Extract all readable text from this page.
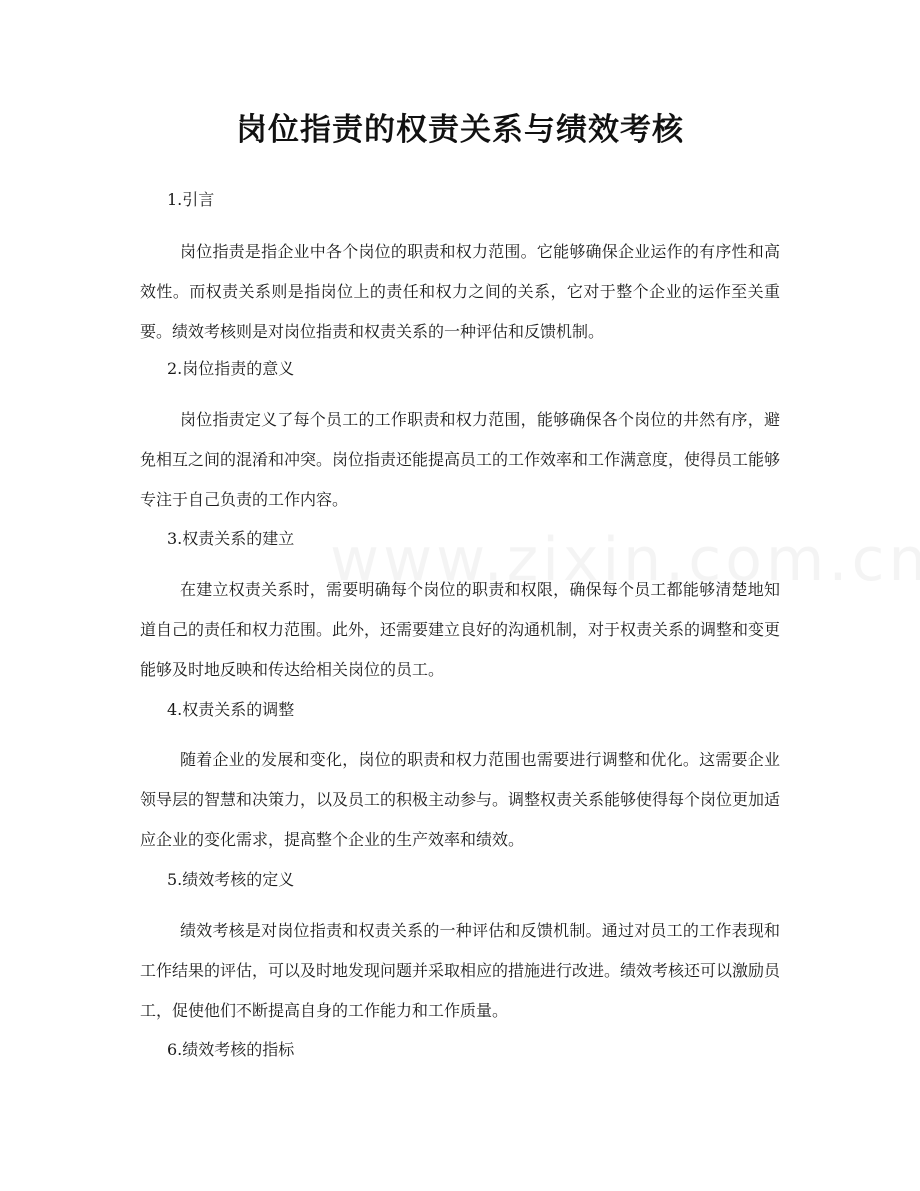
岗位指责的权责关系与绩效考核
1.引言
岗位指责是指企业中各个岗位的职责和权力范围。它能够确保企业运作的有序性和高效性。而权责关系则是指岗位上的责任和权力之间的关系，它对于整个企业的运作至关重要。绩效考核则是对岗位指责和权责关系的一种评估和反馈机制。
2.岗位指责的意义
岗位指责定义了每个员工的工作职责和权力范围，能够确保各个岗位的井然有序，避免相互之间的混淆和冲突。岗位指责还能提高员工的工作效率和工作满意度，使得员工能够专注于自己负责的工作内容。
3.权责关系的建立
在建立权责关系时，需要明确每个岗位的职责和权限，确保每个员工都能够清楚地知道自己的责任和权力范围。此外，还需要建立良好的沟通机制，对于权责关系的调整和变更能够及时地反映和传达给相关岗位的员工。
4.权责关系的调整
随着企业的发展和变化，岗位的职责和权力范围也需要进行调整和优化。这需要企业领导层的智慧和决策力，以及员工的积极主动参与。调整权责关系能够使得每个岗位更加适应企业的变化需求，提高整个企业的生产效率和绩效。
5.绩效考核的定义
绩效考核是对岗位指责和权责关系的一种评估和反馈机制。通过对员工的工作表现和工作结果的评估，可以及时地发现问题并采取相应的措施进行改进。绩效考核还可以激励员工，促使他们不断提高自身的工作能力和工作质量。
6.绩效考核的指标
